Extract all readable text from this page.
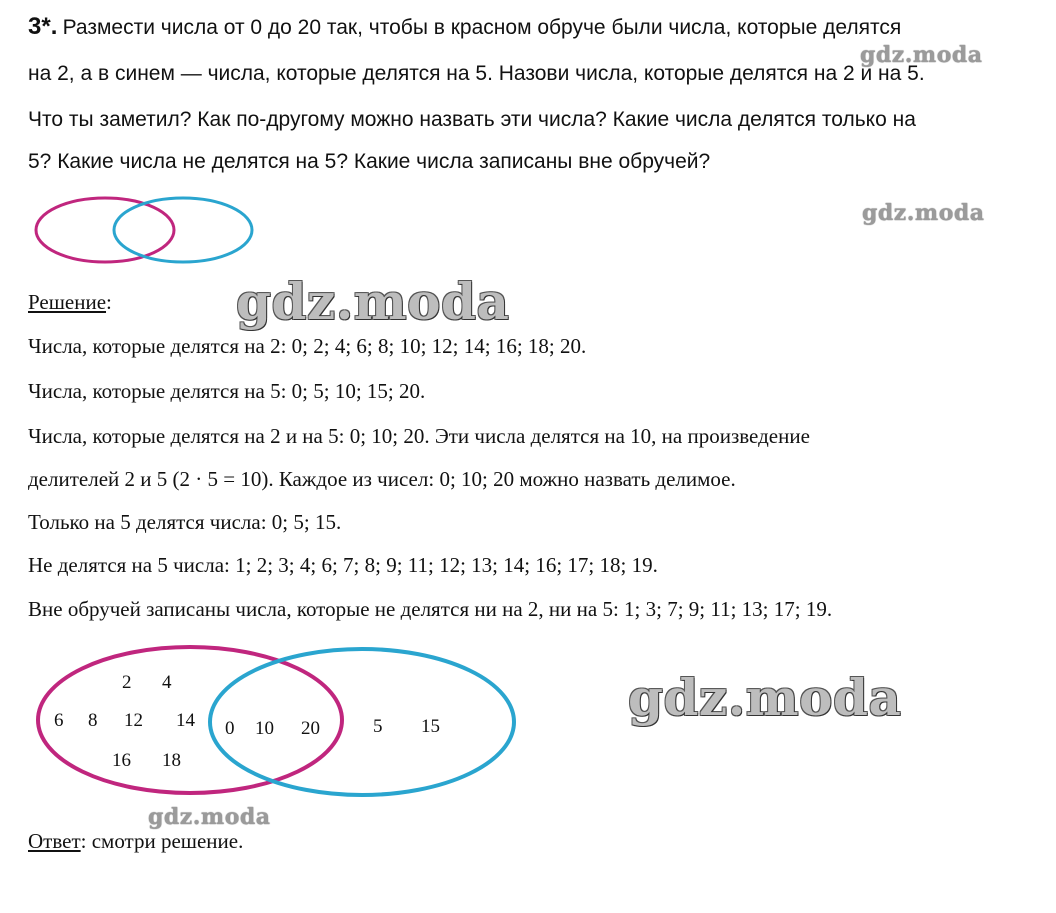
3*. Размести числа от 0 до 20 так, чтобы в красном обруче были числа, которые делятся
на 2, а в синем — числа, которые делятся на 5. Назови числа, которые делятся на 2 и на 5.
Что ты заметил? Как по-другому можно назвать эти числа? Какие числа делятся только на
5? Какие числа не делятся на 5? Какие числа записаны вне обручей?
Решение:
Числа, которые делятся на 2: 0; 2; 4; 6; 8; 10; 12; 14; 16; 18; 20.
Числа, которые делятся на 5: 0; 5; 10; 15; 20.
Числа, которые делятся на 2 и на 5: 0; 10; 20. Эти числа делятся на 10, на произведение
делителей 2 и 5 (2 · 5 = 10). Каждое из чисел: 0; 10; 20 можно назвать делимое.
Только на 5 делятся числа: 0; 5; 15.
Не делятся на 5 числа: 1; 2; 3; 4; 6; 7; 8; 9; 11; 12; 13; 14; 16; 17; 18; 19.
Вне обручей записаны числа, которые не делятся ни на 2, ни на 5: 1; 3; 7; 9; 11; 13; 17; 19.
2 4
6 8 12 14
16 18
0 10 20	5 15
Ответ: смотри решение.
gdz.moda
gdz.moda
gdz.moda
gdz.moda
gdz.moda
